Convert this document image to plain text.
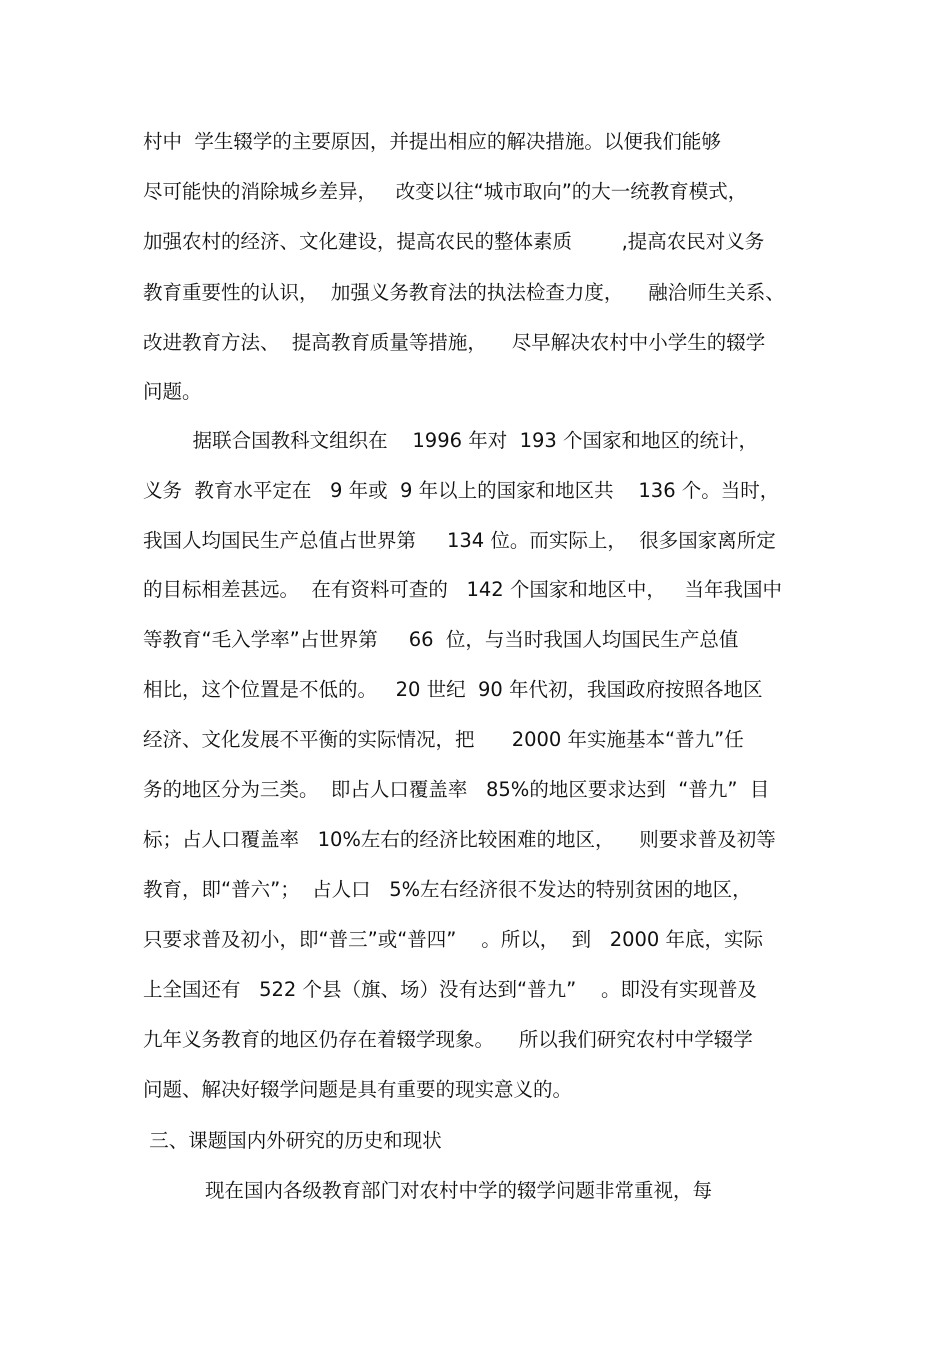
村中  学生辍学的主要原因，并提出相应的解决措施。以便我们能够
尽可能快的消除城乡差异，   改变以往“城市取向”的大一统教育模式，
加强农村的经济、文化建设，提高农民的整体素质        ,提高农民对义务
教育重要性的认识，  加强义务教育法的执法检查力度，    融洽师生关系、
改进教育方法、  提高教育质量等措施，    尽早解决农村中小学生的辍学
问题。
据联合国教科文组织在    1996 年对  193 个国家和地区的统计，
义务  教育水平定在   9 年或  9 年以上的国家和地区共    136 个。当时，
我国人均国民生产总值占世界第     134 位。而实际上，  很多国家离所定
的目标相差甚远。  在有资料可查的   142 个国家和地区中，   当年我国中
等教育“毛入学率”占世界第     66  位，与当时我国人均国民生产总值
相比，这个位置是不低的。   20 世纪  90 年代初，我国政府按照各地区
经济、文化发展不平衡的实际情况，把      2000 年实施基本“普九”任
务的地区分为三类。  即占人口覆盖率   85%的地区要求达到  “普九”  目
标；占人口覆盖率   10%左右的经济比较困难的地区，    则要求普及初等
教育，即“普六”；  占人口   5%左右经济很不发达的特别贫困的地区，
只要求普及初小，即“普三”或“普四”    。所以，  到   2000 年底，实际
上全国还有   522 个县（旗、场）没有达到“普九”    。即没有实现普及
九年义务教育的地区仍存在着辍学现象。    所以我们研究农村中学辍学
问题、解决好辍学问题是具有重要的现实意义的。
三、课题国内外研究的历史和现状
现在国内各级教育部门对农村中学的辍学问题非常重视，每
